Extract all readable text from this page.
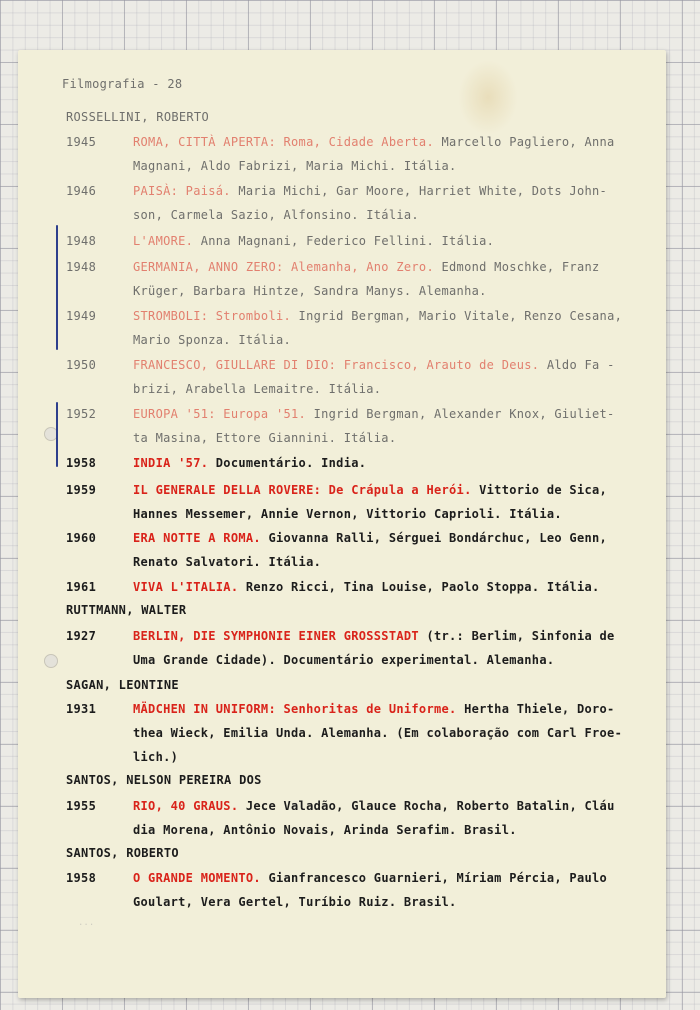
Filmografia - 28
ROSSELLINI, ROBERTO
1945	ROMA, CITTÀ APERTA: Roma, Cidade Aberta. Marcello Pagliero, Anna
Magnani, Aldo Fabrizi, Maria Michi. Itália.
1946	PAISÀ: Paisá. Maria Michi, Gar Moore, Harriet White, Dots John-
son, Carmela Sazio, Alfonsino. Itália.
1948	L'AMORE. Anna Magnani, Federico Fellini. Itália.
1948	GERMANIA, ANNO ZERO: Alemanha, Ano Zero. Edmond Moschke, Franz
Krüger, Barbara Hintze, Sandra Manys. Alemanha.
1949	STROMBOLI: Stromboli. Ingrid Bergman, Mario Vitale, Renzo Cesana,
Mario Sponza. Itália.
1950	FRANCESCO, GIULLARE DI DIO: Francisco, Arauto de Deus. Aldo Fa -
brizi, Arabella Lemaitre. Itália.
1952	EUROPA '51: Europa '51. Ingrid Bergman, Alexander Knox, Giuliet-
ta Masina, Ettore Giannini. Itália.
1958	INDIA '57. Documentário. India.
1959	IL GENERALE DELLA ROVERE: De Crápula a Herói. Vittorio de Sica,
Hannes Messemer, Annie Vernon, Vittorio Caprioli. Itália.
1960	ERA NOTTE A ROMA. Giovanna Ralli, Sérguei Bondárchuc, Leo Genn,
Renato Salvatori. Itália.
1961	VIVA L'ITALIA. Renzo Ricci, Tina Louise, Paolo Stoppa. Itália.
RUTTMANN, WALTER
1927	BERLIN, DIE SYMPHONIE EINER GROSSSTADT (tr.: Berlim, Sinfonia de
Uma Grande Cidade). Documentário experimental. Alemanha.
SAGAN, LEONTINE
1931	MÄDCHEN IN UNIFORM: Senhoritas de Uniforme. Hertha Thiele, Doro-
thea Wieck, Emilia Unda. Alemanha. (Em colaboração com Carl Froe-
lich.)
SANTOS, NELSON PEREIRA DOS
1955	RIO, 40 GRAUS. Jece Valadão, Glauce Rocha, Roberto Batalin, Cláu
dia Morena, Antônio Novais, Arinda Serafim. Brasil.
SANTOS, ROBERTO
1958	O GRANDE MOMENTO. Gianfrancesco Guarnieri, Míriam Pércia, Paulo
Goulart, Vera Gertel, Turíbio Ruiz. Brasil.
...
